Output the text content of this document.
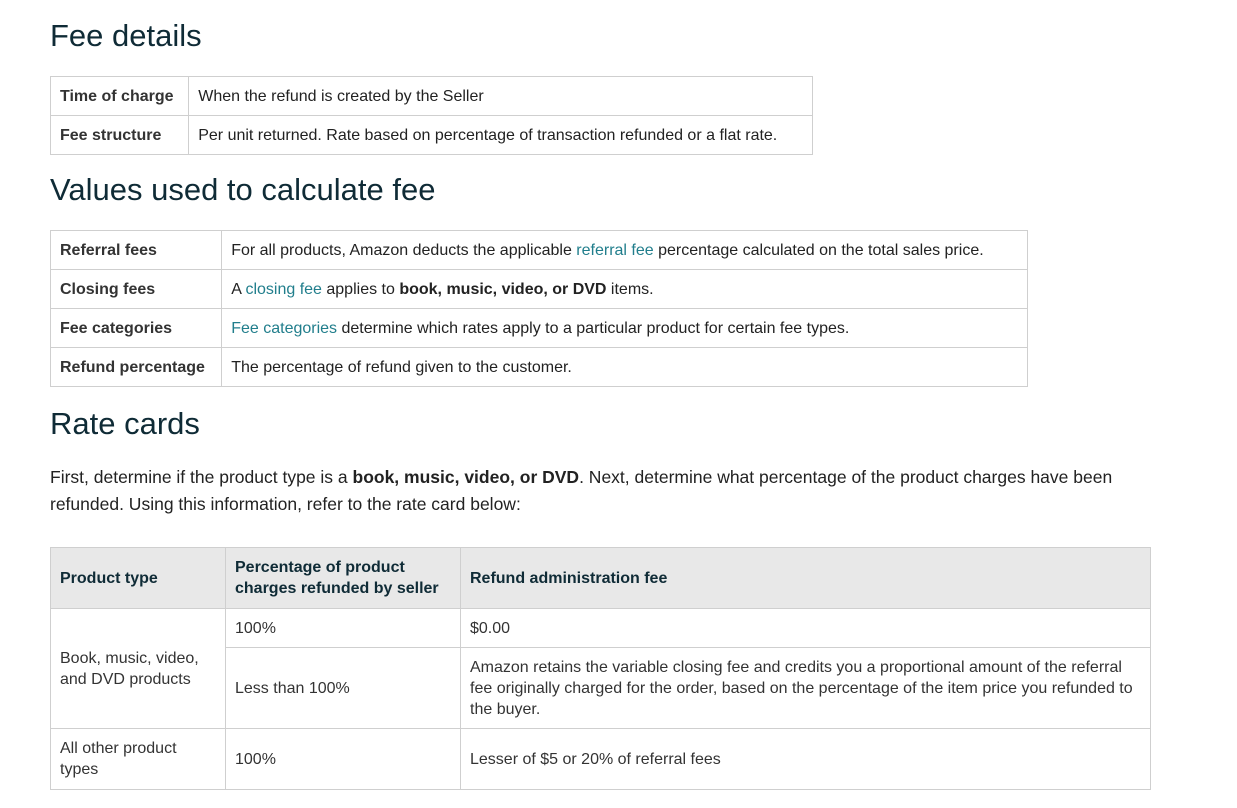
Fee details
Time of charge	When the refund is created by the Seller
Fee structure	Per unit returned. Rate based on percentage of transaction refunded or a flat rate.
Values used to calculate fee
Referral fees	For all products, Amazon deducts the applicable referral fee percentage calculated on the total sales price.
Closing fees	A closing fee applies to book, music, video, or DVD items.
Fee categories	Fee categories determine which rates apply to a particular product for certain fee types.
Refund percentage	The percentage of refund given to the customer.
Rate cards

First, determine if the product type is a book, music, video, or DVD. Next, determine what percentage of the product charges have been refunded. Using this information, refer to the rate card below:

Product type	Percentage of product charges refunded by seller	Refund administration fee
Book, music, video, and DVD products	100%	$0.00
	Less than 100%	Amazon retains the variable closing fee and credits you a proportional amount of the referral fee originally charged for the order, based on the percentage of the item price you refunded to the buyer.
All other product types	100%	Lesser of $5 or 20% of referral fees
